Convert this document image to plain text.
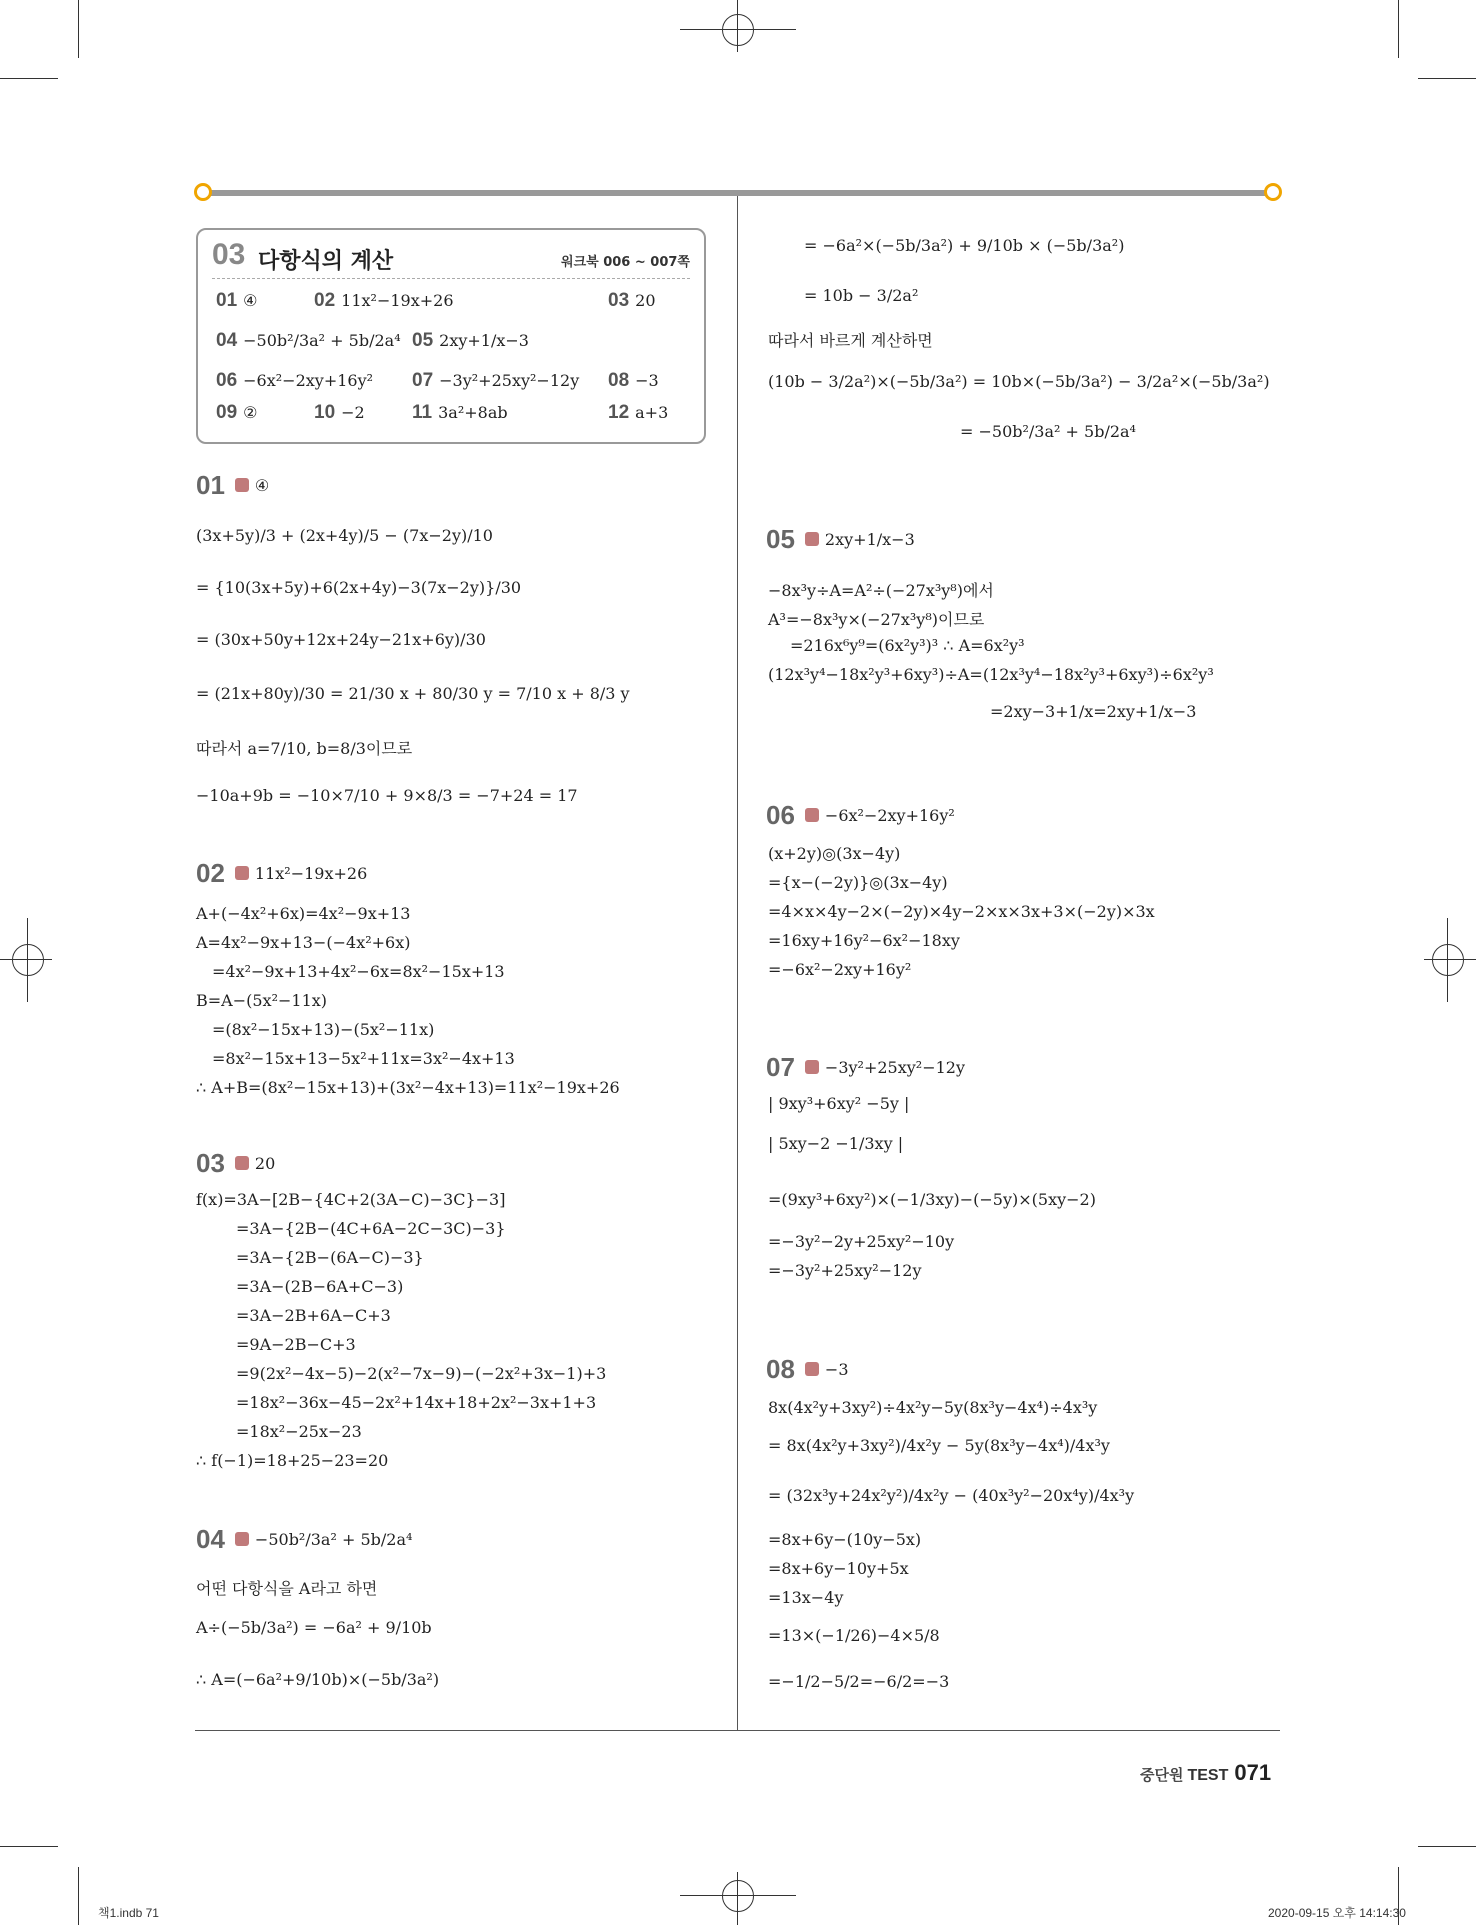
03 다항식의 계산	워크북 006 ~ 007쪽
01 ④	02 11x²−19x+26	03 20
04 −50b²/3a² + 5b/2a⁴ 05 2xy+1/x−3
06 −6x²−2xy+16y² 07 −3y²+25xy²−12y 08 −3
09 ②	10 −2 11 3a²+8ab	12 a+3
01 ④
(3x+5y)/3 + (2x+4y)/5 − (7x−2y)/10
= {10(3x+5y)+6(2x+4y)−3(7x−2y)}/30
= (30x+50y+12x+24y−21x+6y)/30
= (21x+80y)/30 = 21/30 x + 80/30 y = 7/10 x + 8/3 y
따라서 a=7/10, b=8/3이므로
−10a+9b = −10×7/10 + 9×8/3 = −7+24 = 17
02 11x²−19x+26
A+(−4x²+6x)=4x²−9x+13
A=4x²−9x+13−(−4x²+6x)
=4x²−9x+13+4x²−6x=8x²−15x+13
B=A−(5x²−11x)
=(8x²−15x+13)−(5x²−11x)
=8x²−15x+13−5x²+11x=3x²−4x+13
∴ A+B=(8x²−15x+13)+(3x²−4x+13)=11x²−19x+26
03 20
f(x)=3A−[2B−{4C+2(3A−C)−3C}−3]
=3A−{2B−(4C+6A−2C−3C)−3}
=3A−{2B−(6A−C)−3}
=3A−(2B−6A+C−3)
=3A−2B+6A−C+3
=9A−2B−C+3
=9(2x²−4x−5)−2(x²−7x−9)−(−2x²+3x−1)+3
=18x²−36x−45−2x²+14x+18+2x²−3x+1+3
=18x²−25x−23
∴ f(−1)=18+25−23=20
04 −50b²/3a² + 5b/2a⁴
어떤 다항식을 A라고 하면
A÷(−5b/3a²) = −6a² + 9/10b
∴ A=(−6a²+9/10b)×(−5b/3a²)
= −6a²×(−5b/3a²) + 9/10b × (−5b/3a²)
= 10b − 3/2a²
따라서 바르게 계산하면
(10b − 3/2a²)×(−5b/3a²) = 10b×(−5b/3a²) − 3/2a²×(−5b/3a²)
= −50b²/3a² + 5b/2a⁴
05 2xy+1/x−3
−8x³y÷A=A²÷(−27x³y⁸)에서
A³=−8x³y×(−27x³y⁸)이므로
=216x⁶y⁹=(6x²y³)³ ∴ A=6x²y³
(12x³y⁴−18x²y³+6xy³)÷A=(12x³y⁴−18x²y³+6xy³)÷6x²y³
=2xy−3+1/x=2xy+1/x−3
06 −6x²−2xy+16y²
(x+2y)◎(3x−4y)
={x−(−2y)}◎(3x−4y)
=4×x×4y−2×(−2y)×4y−2×x×3x+3×(−2y)×3x
=16xy+16y²−6x²−18xy
=−6x²−2xy+16y²
07 −3y²+25xy²−12y
| 9xy³+6xy² −5y |
| 5xy−2 −1/3xy |
=(9xy³+6xy²)×(−1/3xy)−(−5y)×(5xy−2)
=−3y²−2y+25xy²−10y
=−3y²+25xy²−12y
08 −3
8x(4x²y+3xy²)÷4x²y−5y(8x³y−4x⁴)÷4x³y
= 8x(4x²y+3xy²)/4x²y − 5y(8x³y−4x⁴)/4x³y
= (32x³y+24x²y²)/4x²y − (40x³y²−20x⁴y)/4x³y
=8x+6y−(10y−5x)
=8x+6y−10y+5x
=13x−4y
=13×(−1/26)−4×5/8
=−1/2−5/2=−6/2=−3
중단원 TEST 071
책1.indb 71	2020-09-15 오후 14:14:30
